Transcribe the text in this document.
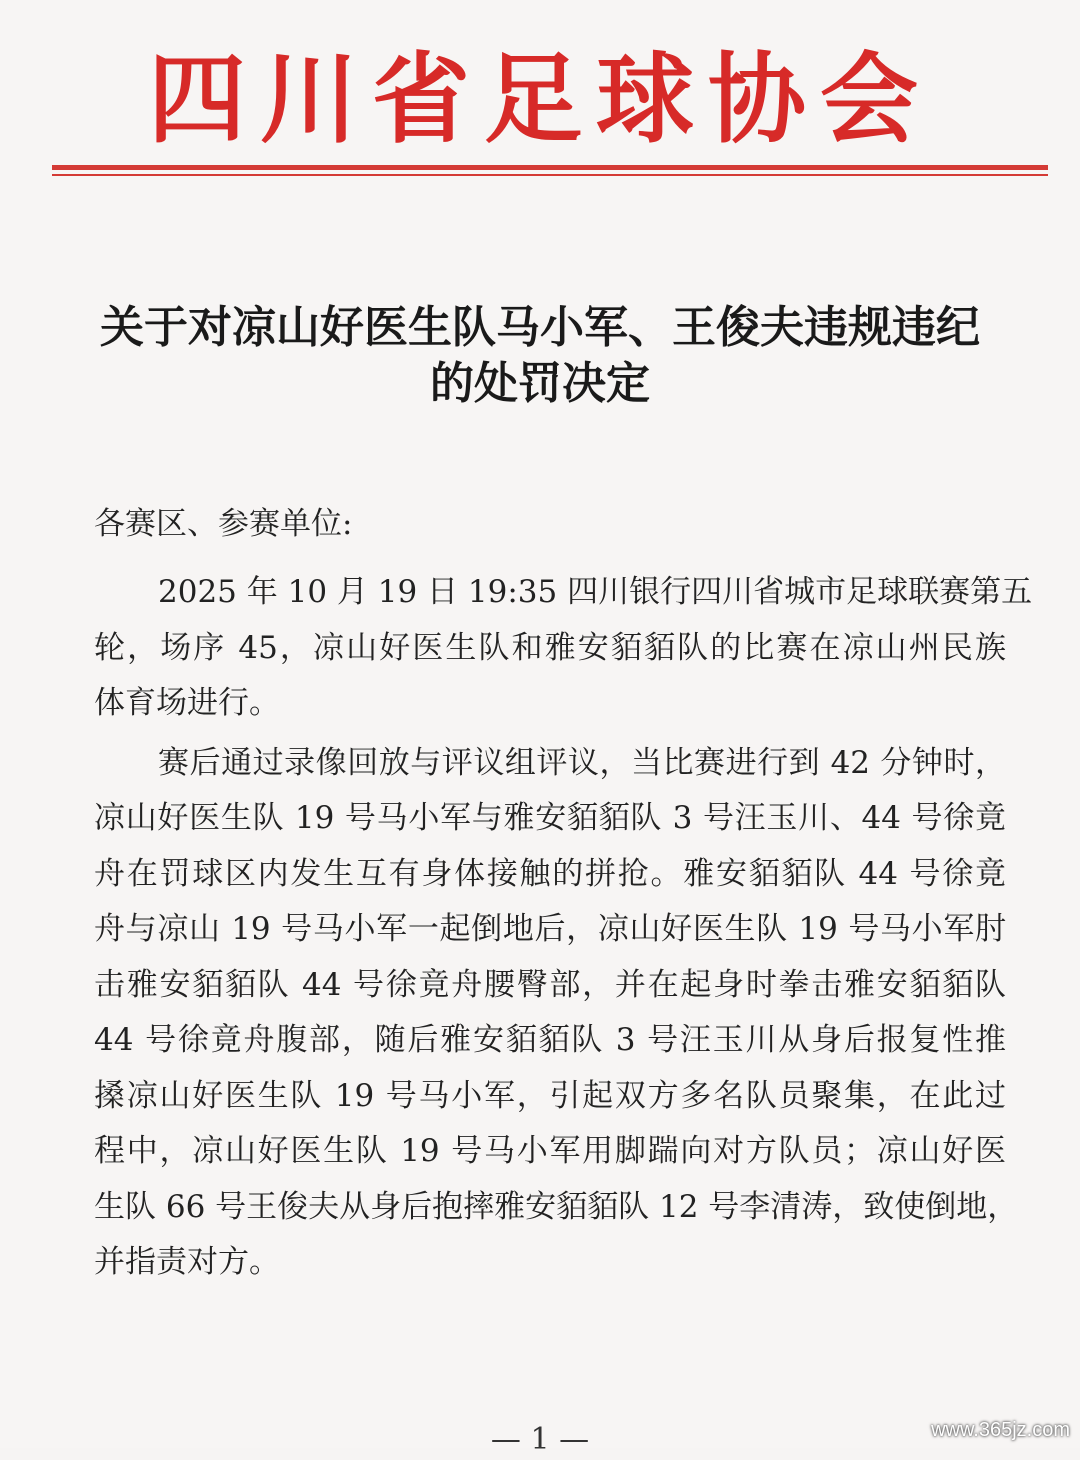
四川省足球协会
关于对凉山好医生队马小军、王俊夫违规违纪
的处罚决定
各赛区、参赛单位:
2025 年 10 月 19 日 19:35 四川银行四川省城市足球联赛第五
轮，场序 45，凉山好医生队和雅安貊貊队的比赛在凉山州民族
体育场进行。
赛后通过录像回放与评议组评议，当比赛进行到 42 分钟时，
凉山好医生队 19 号马小军与雅安貊貊队 3 号汪玉川、44 号徐竟
舟在罚球区内发生互有身体接触的拼抢。雅安貊貊队 44 号徐竟
舟与凉山 19 号马小军一起倒地后，凉山好医生队 19 号马小军肘
击雅安貊貊队 44 号徐竟舟腰臀部，并在起身时拳击雅安貊貊队
44 号徐竟舟腹部，随后雅安貊貊队 3 号汪玉川从身后报复性推
搡凉山好医生队 19 号马小军，引起双方多名队员聚集，在此过
程中，凉山好医生队 19 号马小军用脚踹向对方队员；凉山好医
生队 66 号王俊夫从身后抱摔雅安貊貊队 12 号李清涛，致使倒地，
并指责对方。
— 1 —	www.365jz.com
